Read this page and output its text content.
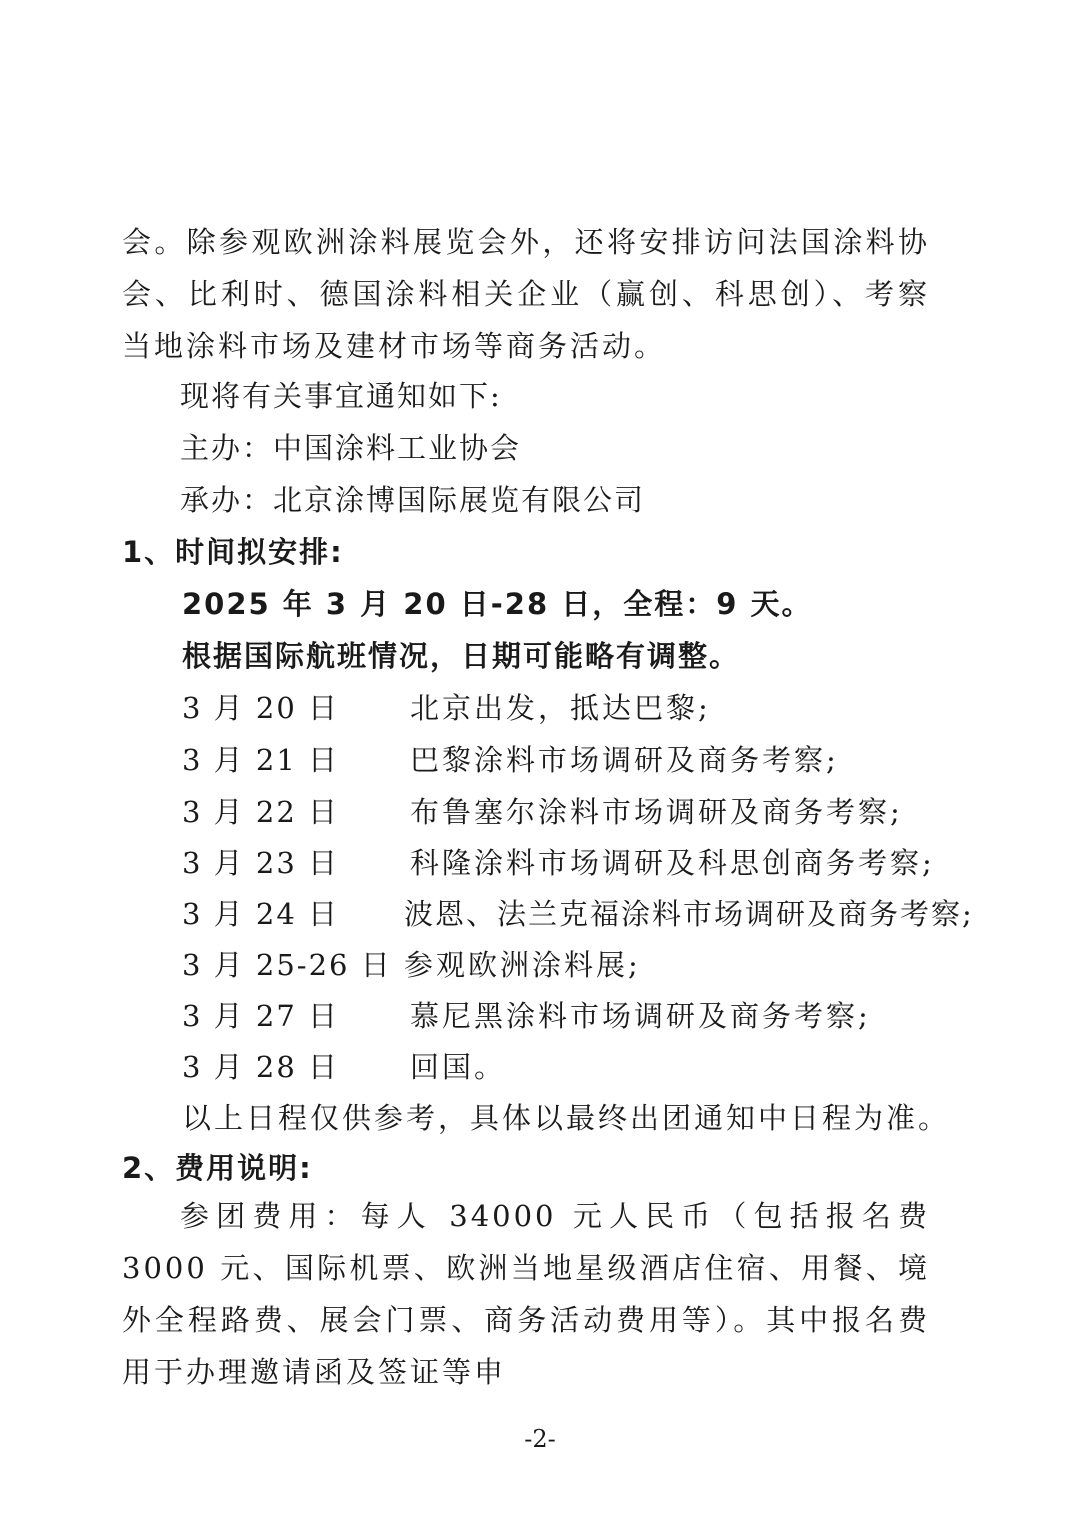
会。除参观欧洲涂料展览会外，还将安排访问法国涂料协会、比利时、德国涂料相关企业（赢创、科思创）、考察当地涂料市场及建材市场等商务活动。

现将有关事宜通知如下:

主办：中国涂料工业协会

承办：北京涂博国际展览有限公司

1、时间拟安排:

2025 年 3 月 20 日-28 日，全程：9 天。

根据国际航班情况，日期可能略有调整。

3 月 20 日 北京出发，抵达巴黎;
3 月 21 日 巴黎涂料市场调研及商务考察;
3 月 22 日 布鲁塞尔涂料市场调研及商务考察;
3 月 23 日 科隆涂料市场调研及科思创商务考察;
3 月 24 日 波恩、法兰克福涂料市场调研及商务考察;
3 月 25-26 日 参观欧洲涂料展;
3 月 27 日 慕尼黑涂料市场调研及商务考察;
3 月 28 日 回国。

以上日程仅供参考，具体以最终出团通知中日程为准。

2、费用说明:

参团费用：每人 34000 元人民币（包括报名费 3000 元、国际机票、欧洲当地星级酒店住宿、用餐、境外全程路费、展会门票、商务活动费用等）。其中报名费用于办理邀请函及签证等申

-2-
